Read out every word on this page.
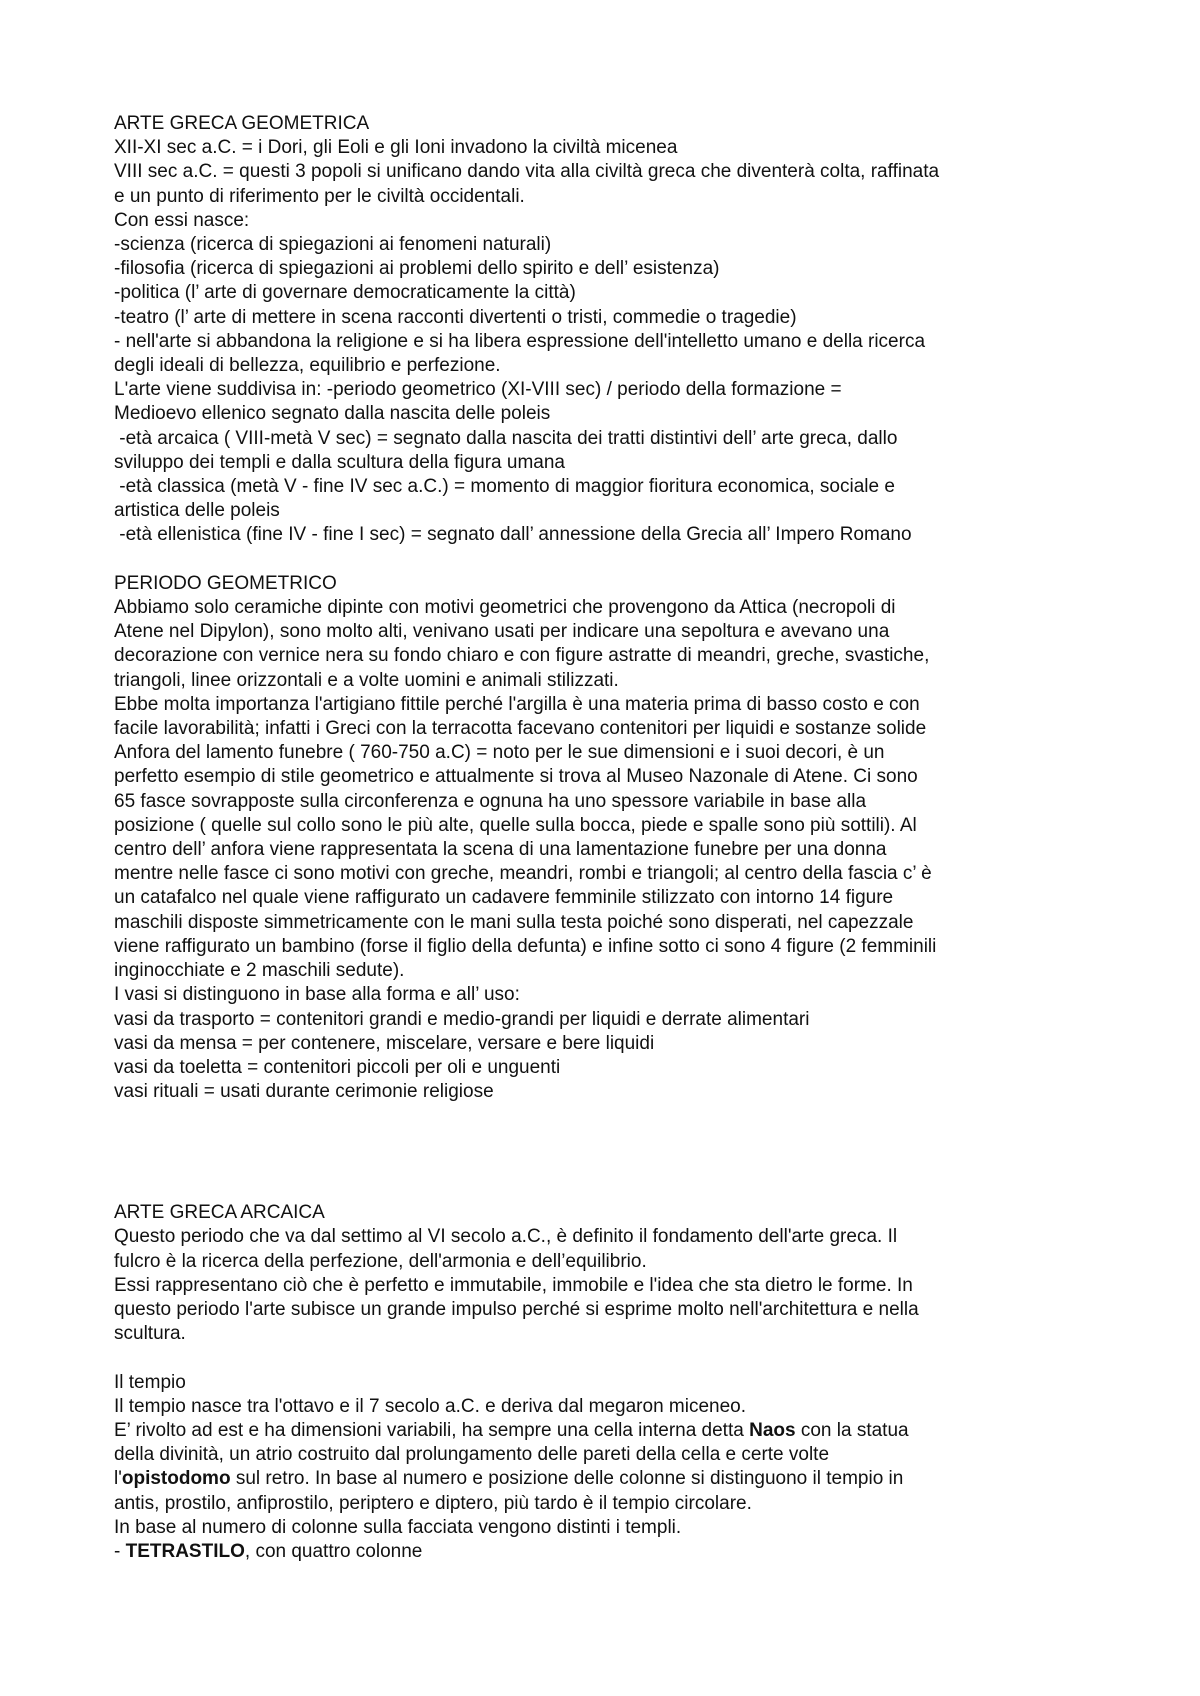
ARTE GRECA GEOMETRICA
XII-XI sec a.C. = i Dori, gli Eoli e gli Ioni invadono la civiltà micenea
VIII sec a.C. = questi 3 popoli si unificano dando vita alla civiltà greca che diventerà colta, raffinata
e un punto di riferimento per le civiltà occidentali.
Con essi nasce:
-scienza (ricerca di spiegazioni ai fenomeni naturali)
-filosofia (ricerca di spiegazioni ai problemi dello spirito e dell’ esistenza)
-politica (l’ arte di governare democraticamente la città)
-teatro (l’ arte di mettere in scena racconti divertenti o tristi, commedie o tragedie)
- nell'arte si abbandona la religione e si ha libera espressione dell'intelletto umano e della ricerca
degli ideali di bellezza, equilibrio e perfezione.
L'arte viene suddivisa in: -periodo geometrico (XI-VIII sec) / periodo della formazione =
Medioevo ellenico segnato dalla nascita delle poleis
-età arcaica ( VIII-metà V sec) = segnato dalla nascita dei tratti distintivi dell’ arte greca, dallo
sviluppo dei templi e dalla scultura della figura umana
-età classica (metà V - fine IV sec a.C.) = momento di maggior fioritura economica, sociale e
artistica delle poleis
-età ellenistica (fine IV - fine I sec) = segnato dall’ annessione della Grecia all’ Impero Romano
PERIODO GEOMETRICO
Abbiamo solo ceramiche dipinte con motivi geometrici che provengono da Attica (necropoli di
Atene nel Dipylon), sono molto alti, venivano usati per indicare una sepoltura e avevano una
decorazione con vernice nera su fondo chiaro e con figure astratte di meandri, greche, svastiche,
triangoli, linee orizzontali e a volte uomini e animali stilizzati.
Ebbe molta importanza l'artigiano fittile perché l'argilla è una materia prima di basso costo e con
facile lavorabilità; infatti i Greci con la terracotta facevano contenitori per liquidi e sostanze solide
Anfora del lamento funebre ( 760-750 a.C) = noto per le sue dimensioni e i suoi decori, è un
perfetto esempio di stile geometrico e attualmente si trova al Museo Nazonale di Atene. Ci sono
65 fasce sovrapposte sulla circonferenza e ognuna ha uno spessore variabile in base alla
posizione ( quelle sul collo sono le più alte, quelle sulla bocca, piede e spalle sono più sottili). Al
centro dell’ anfora viene rappresentata la scena di una lamentazione funebre per una donna
mentre nelle fasce ci sono motivi con greche, meandri, rombi e triangoli; al centro della fascia c’ è
un catafalco nel quale viene raffigurato un cadavere femminile stilizzato con intorno 14 figure
maschili disposte simmetricamente con le mani sulla testa poiché sono disperati, nel capezzale
viene raffigurato un bambino (forse il figlio della defunta) e infine sotto ci sono 4 figure (2 femminili
inginocchiate e 2 maschili sedute).
I vasi si distinguono in base alla forma e all’ uso:
vasi da trasporto = contenitori grandi e medio-grandi per liquidi e derrate alimentari
vasi da mensa = per contenere, miscelare, versare e bere liquidi
vasi da toeletta = contenitori piccoli per oli e unguenti
vasi rituali = usati durante cerimonie religiose
ARTE GRECA ARCAICA
Questo periodo che va dal settimo al VI secolo a.C., è definito il fondamento dell'arte greca. Il
fulcro è la ricerca della perfezione, dell'armonia e dell’equilibrio.
Essi rappresentano ciò che è perfetto e immutabile, immobile e l'idea che sta dietro le forme. In
questo periodo l'arte subisce un grande impulso perché si esprime molto nell'architettura e nella
scultura.
Il tempio
Il tempio nasce tra l'ottavo e il 7 secolo a.C. e deriva dal megaron miceneo.
E’ rivolto ad est e ha dimensioni variabili, ha sempre una cella interna detta Naos con la statua
della divinità, un atrio costruito dal prolungamento delle pareti della cella e certe volte
l'opistodomo sul retro. In base al numero e posizione delle colonne si distinguono il tempio in
antis, prostilo, anfiprostilo, periptero e diptero, più tardo è il tempio circolare.
In base al numero di colonne sulla facciata vengono distinti i templi.
- TETRASTILO, con quattro colonne
